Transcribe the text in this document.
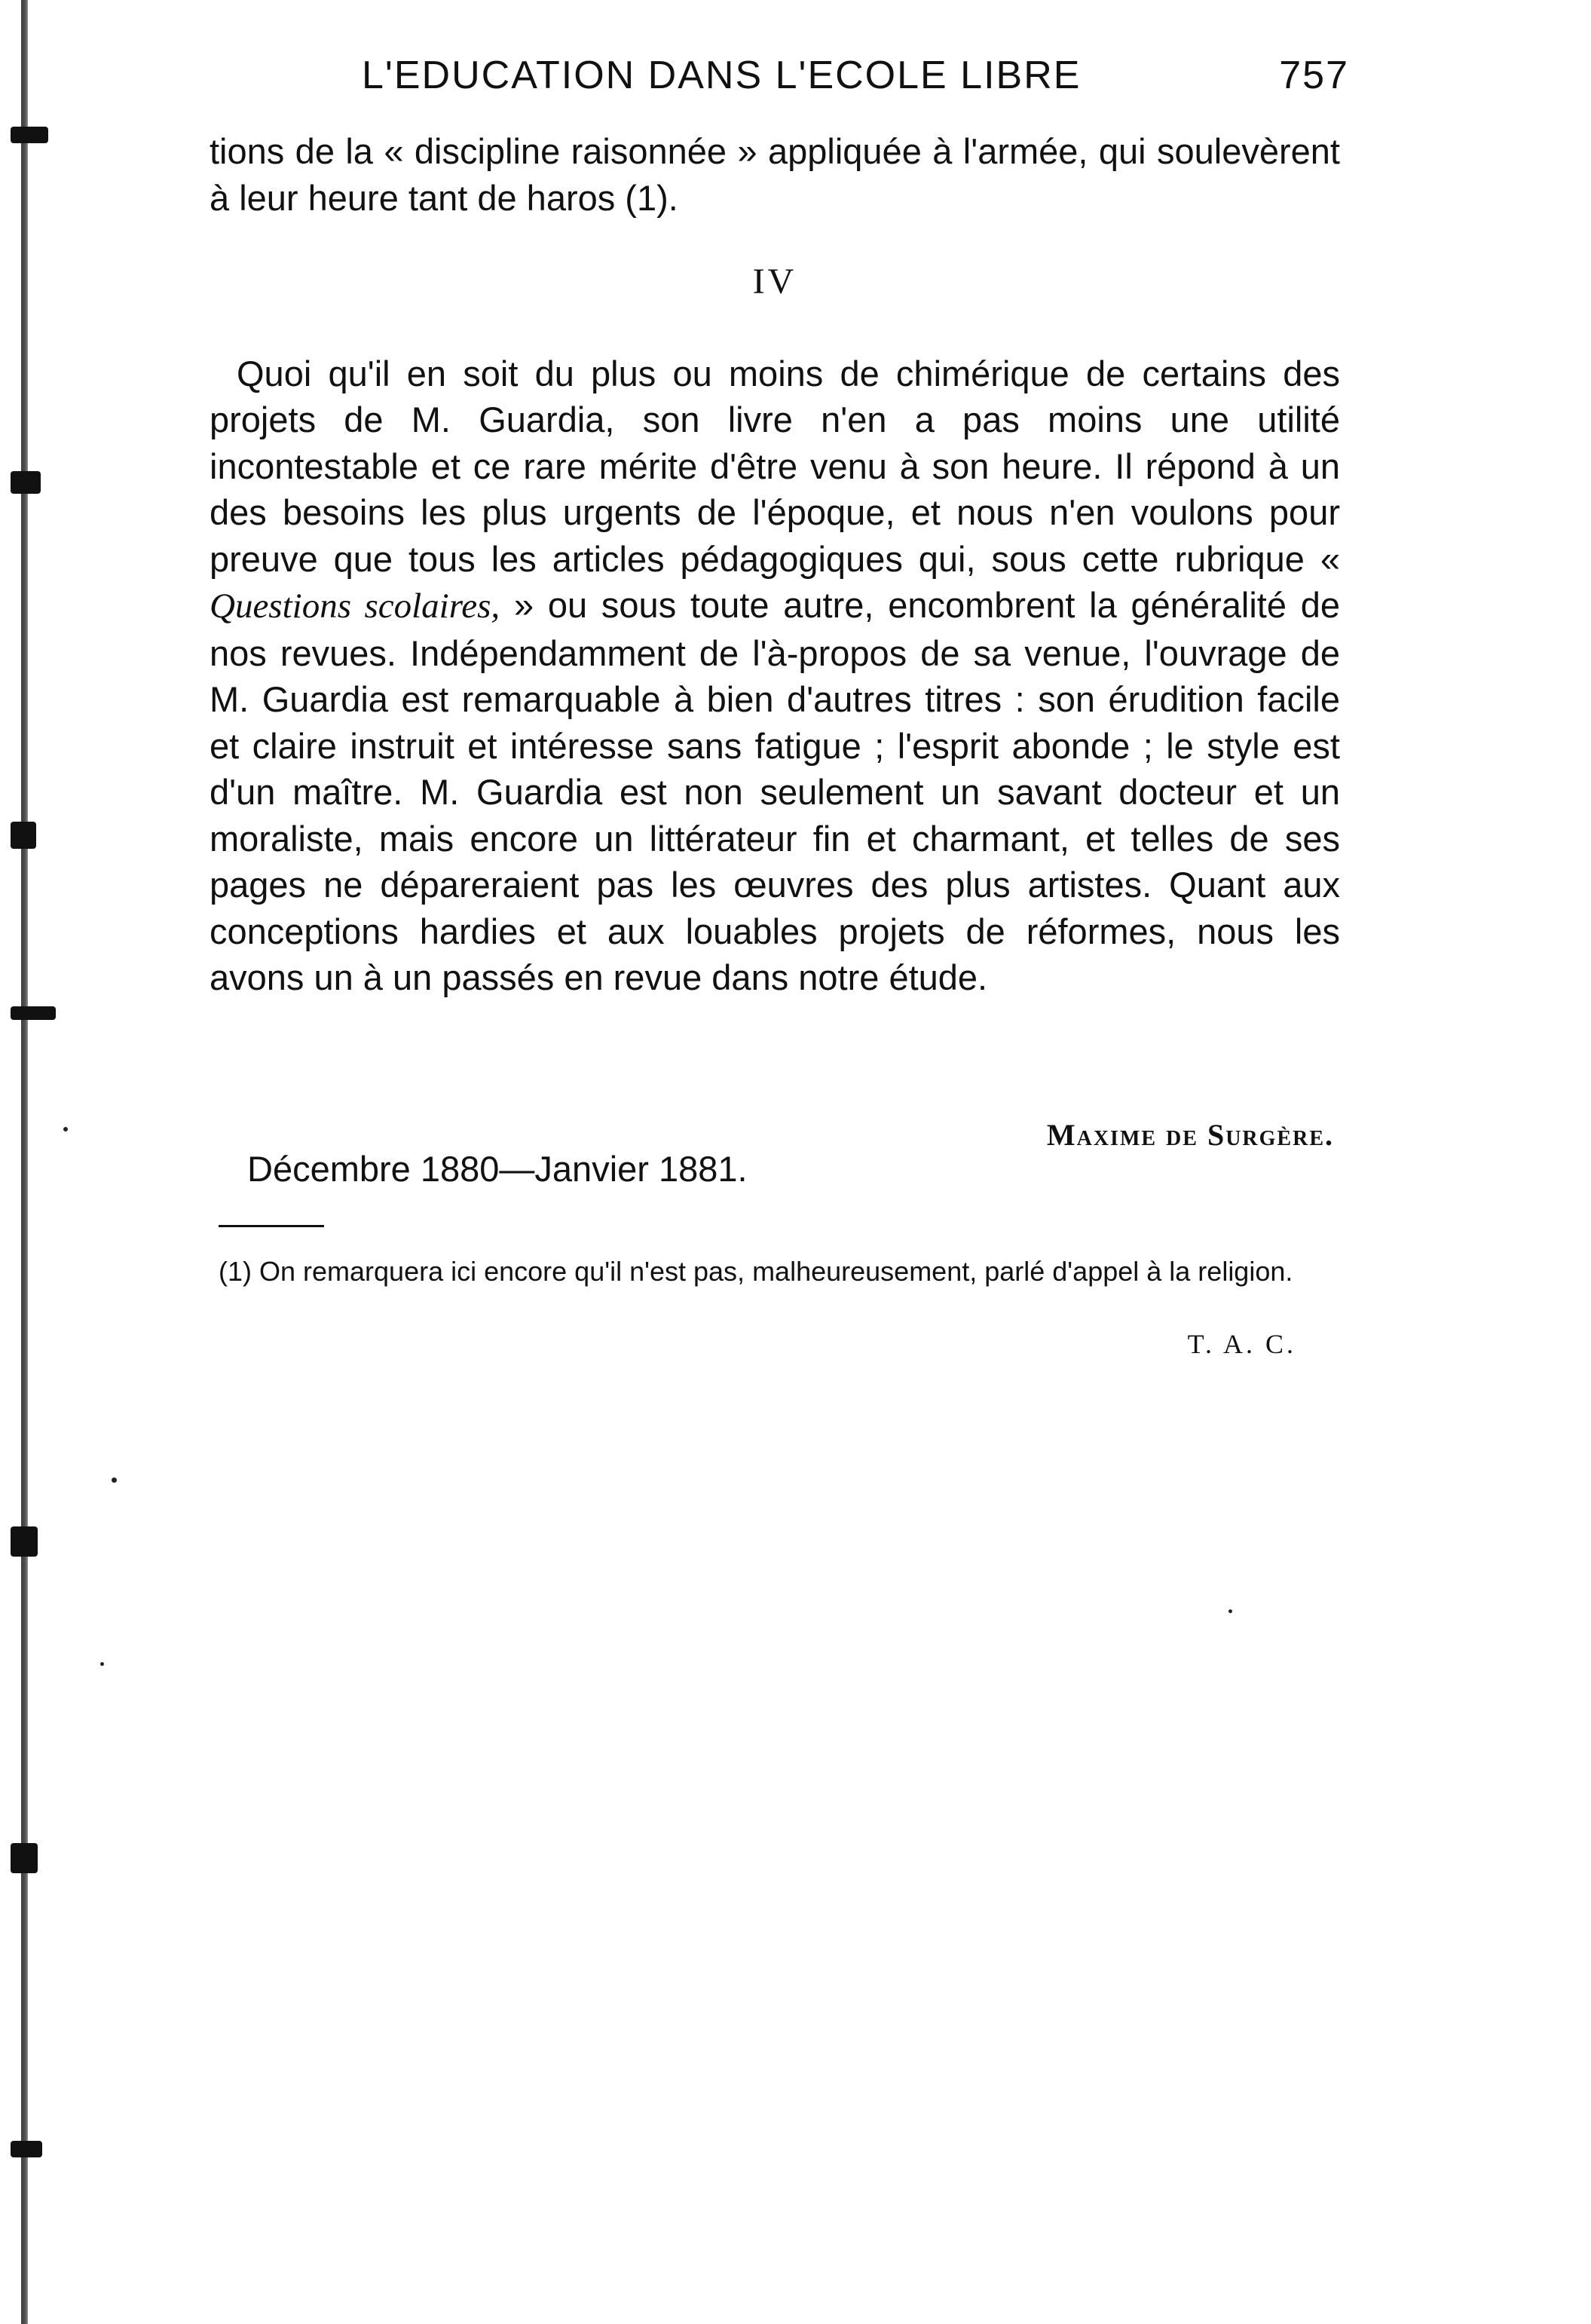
L'EDUCATION DANS L'ECOLE LIBRE	757

tions de la « discipline raisonnée » appliquée à l'armée, qui soulevèrent à leur heure tant de haros (1).

IV

Quoi qu'il en soit du plus ou moins de chimérique de certains des projets de M. Guardia, son livre n'en a pas moins une utilité incontestable et ce rare mérite d'être venu à son heure. Il répond à un des besoins les plus urgents de l'époque, et nous n'en voulons pour preuve que tous les articles pédagogiques qui, sous cette rubrique « Questions scolaires, » ou sous toute autre, encombrent la généralité de nos revues. Indépendamment de l'à-propos de sa venue, l'ouvrage de M. Guardia est remarquable à bien d'autres titres : son érudition facile et claire instruit et intéresse sans fatigue ; l'esprit abonde ; le style est d'un maître. M. Guardia est non seulement un savant docteur et un moraliste, mais encore un littérateur fin et charmant, et telles de ses pages ne dépareraient pas les œuvres des plus artistes. Quant aux conceptions hardies et aux louables projets de réformes, nous les avons un à un passés en revue dans notre étude.

Maxime de Surgère.
Décembre 1880—Janvier 1881.
(1) On remarquera ici encore qu'il n'est pas, malheureusement, parlé d'appel à la religion.
T. A. C.
